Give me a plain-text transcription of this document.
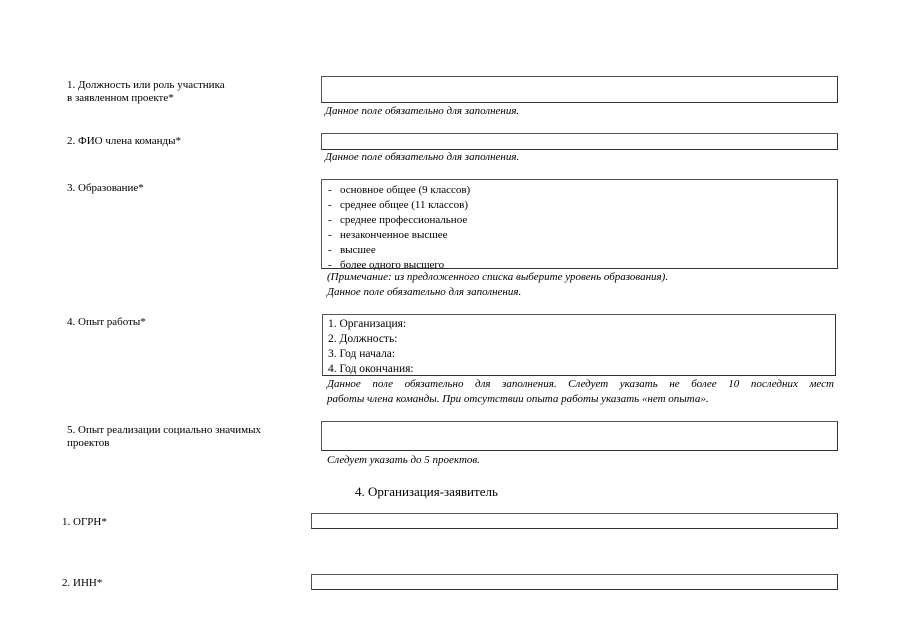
1. Должность или роль участника
в заявленном проекте*
Данное поле обязательно для заполнения.
2. ФИО члена команды*
Данное поле обязательно для заполнения.
3. Образование*
-	основное общее (9 классов)
- среднее общее (11 классов)
- среднее профессиональное
- незаконченное высшее
- высшее
- более одного высшего
(Примечание: из предложенного списка выберите уровень образования).
Данное поле обязательно для заполнения.
4. Опыт работы*	1. Организация:
2. Должность:
3. Год начала:
4. Год окончания:
Данное поле обязательно для заполнения. Следует указать не более 10 последних мест
работы члена команды. При отсутствии опыта работы указать «нет опыта».
5. Опыт реализации социально значимых
проектов
Следует указать до 5 проектов.
4. Организация-заявитель
1. ОГРН*
2. ИНН*
